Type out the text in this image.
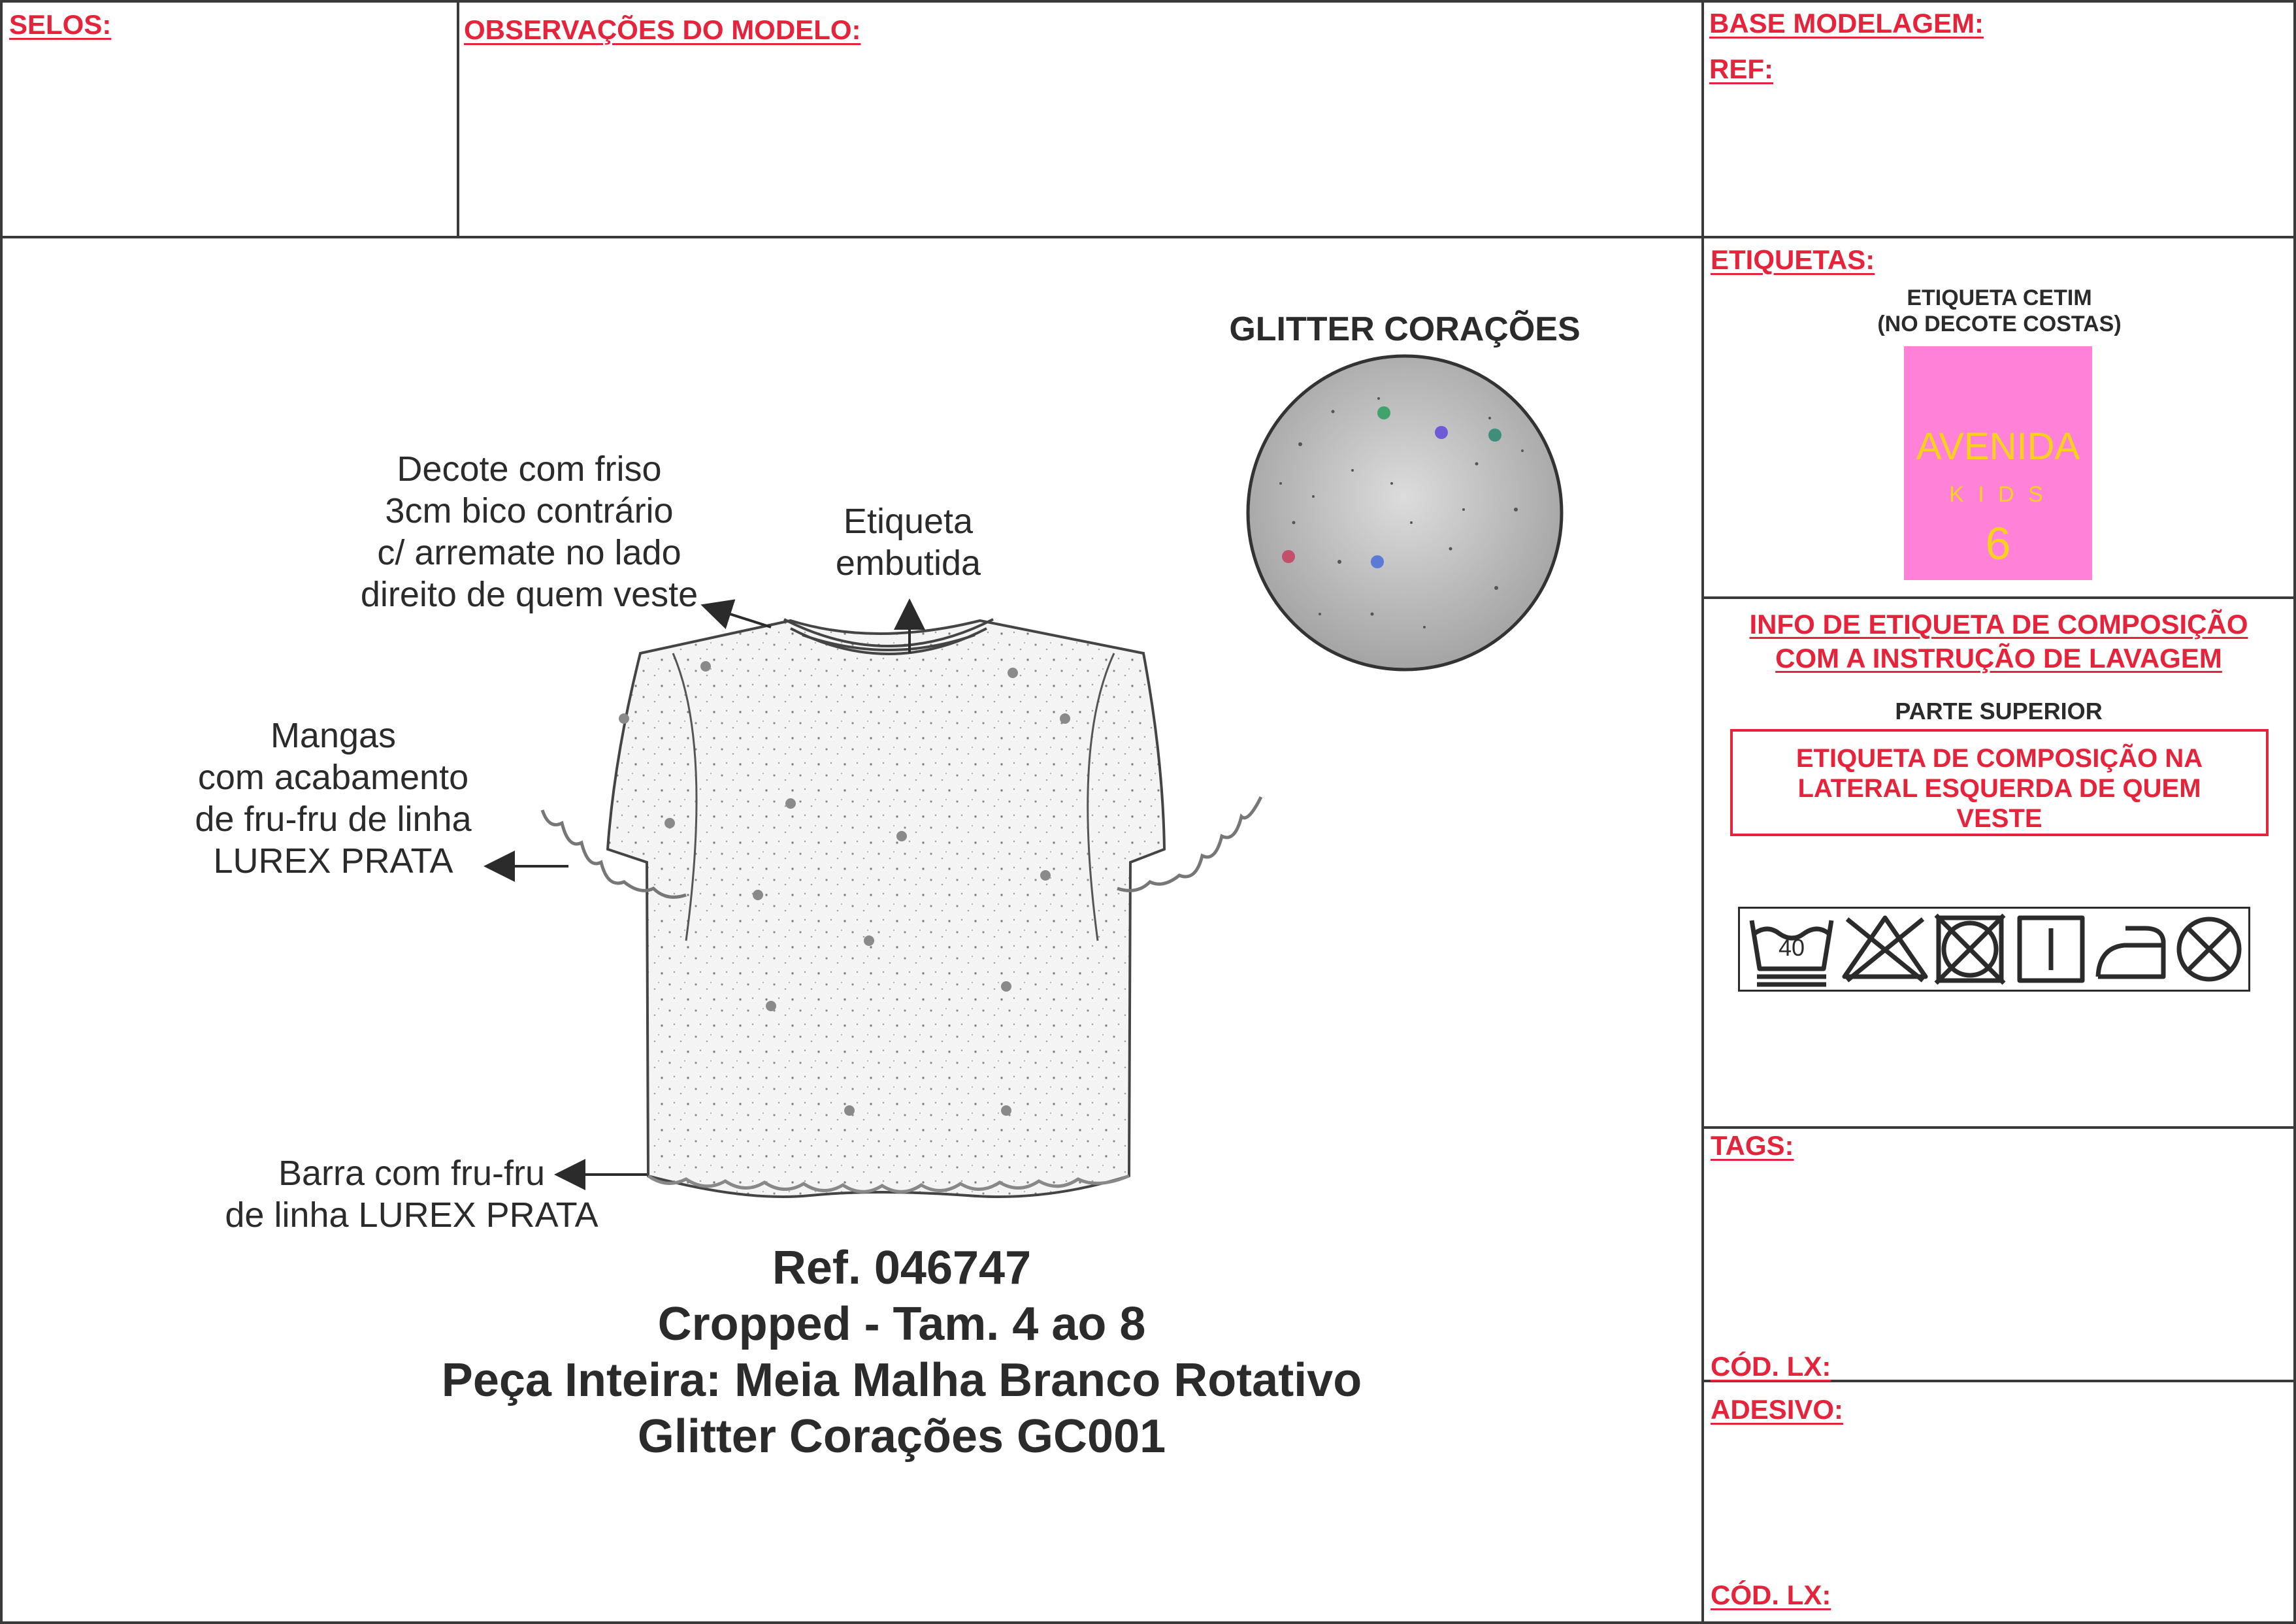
SELOS:	OBSERVAÇÕES DO MODELO:	BASE MODELAGEM:
REF:
ETIQUETAS:
ETIQUETA CETIM
(NO DECOTE COSTAS)
AVENIDA
K I D S
6
INFO DE ETIQUETA DE COMPOSIÇÃO
COM A INSTRUÇÃO DE LAVAGEM
PARTE SUPERIOR
ETIQUETA DE COMPOSIÇÃO NA
LATERAL ESQUERDA DE QUEM
VESTE
40
TAGS:
CÓD. LX:
ADESIVO:
CÓD. LX:
GLITTER CORAÇÕES
Decote com friso
3cm bico contrário
c/ arremate no lado
direito de quem veste
Etiqueta
embutida
Mangas
com acabamento
de fru-fru de linha
LUREX PRATA
Barra com fru-fru
de linha LUREX PRATA
Ref. 046747
Cropped - Tam. 4 ao 8
Peça Inteira: Meia Malha Branco Rotativo
Glitter Corações GC001
